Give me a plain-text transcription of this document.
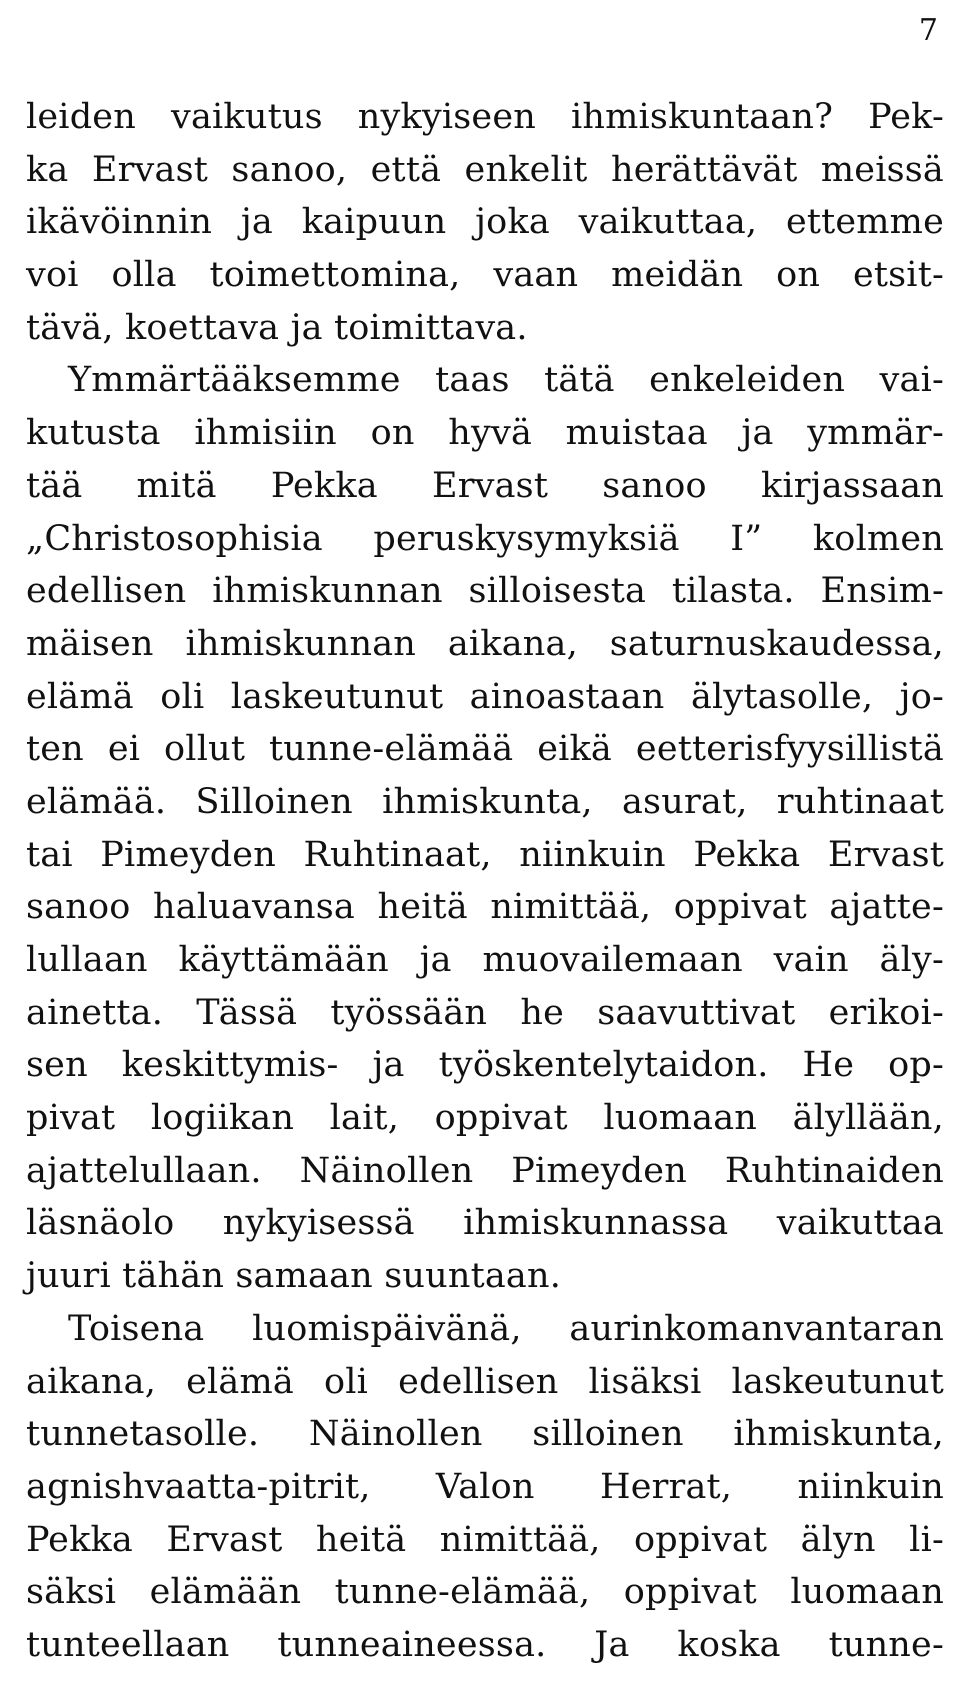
7
leiden vaikutus nykyiseen ihmiskuntaan? Pek-
ka Ervast sanoo, että enkelit herättävät meissä
ikävöinnin ja kaipuun joka vaikuttaa, ettemme
voi olla toimettomina, vaan meidän on etsit-
tävä, koettava ja toimittava.
Ymmärtääksemme taas tätä enkeleiden vai-
kutusta ihmisiin on hyvä muistaa ja ymmär-
tää mitä Pekka Ervast sanoo kirjassaan
„Christosophisia peruskysymyksiä I” kolmen
edellisen ihmiskunnan silloisesta tilasta. Ensim-
mäisen ihmiskunnan aikana, saturnuskaudessa,
elämä oli laskeutunut ainoastaan älytasolle, jo-
ten ei ollut tunne-elämää eikä eetterisfyysillistä
elämää. Silloinen ihmiskunta, asurat, ruhtinaat
tai Pimeyden Ruhtinaat, niinkuin Pekka Ervast
sanoo haluavansa heitä nimittää, oppivat ajatte-
lullaan käyttämään ja muovailemaan vain äly-
ainetta. Tässä työssään he saavuttivat erikoi-
sen keskittymis- ja työskentelytaidon. He op-
pivat logiikan lait, oppivat luomaan älyllään,
ajattelullaan. Näinollen Pimeyden Ruhtinaiden
läsnäolo nykyisessä ihmiskunnassa vaikuttaa
juuri tähän samaan suuntaan.
Toisena luomispäivänä, aurinkomanvantaran
aikana, elämä oli edellisen lisäksi laskeutunut
tunnetasolle. Näinollen silloinen ihmiskunta,
agnishvaatta-pitrit, Valon Herrat, niinkuin
Pekka Ervast heitä nimittää, oppivat älyn li-
säksi elämään tunne-elämää, oppivat luomaan
tunteellaan tunneaineessa. Ja koska tunne-
